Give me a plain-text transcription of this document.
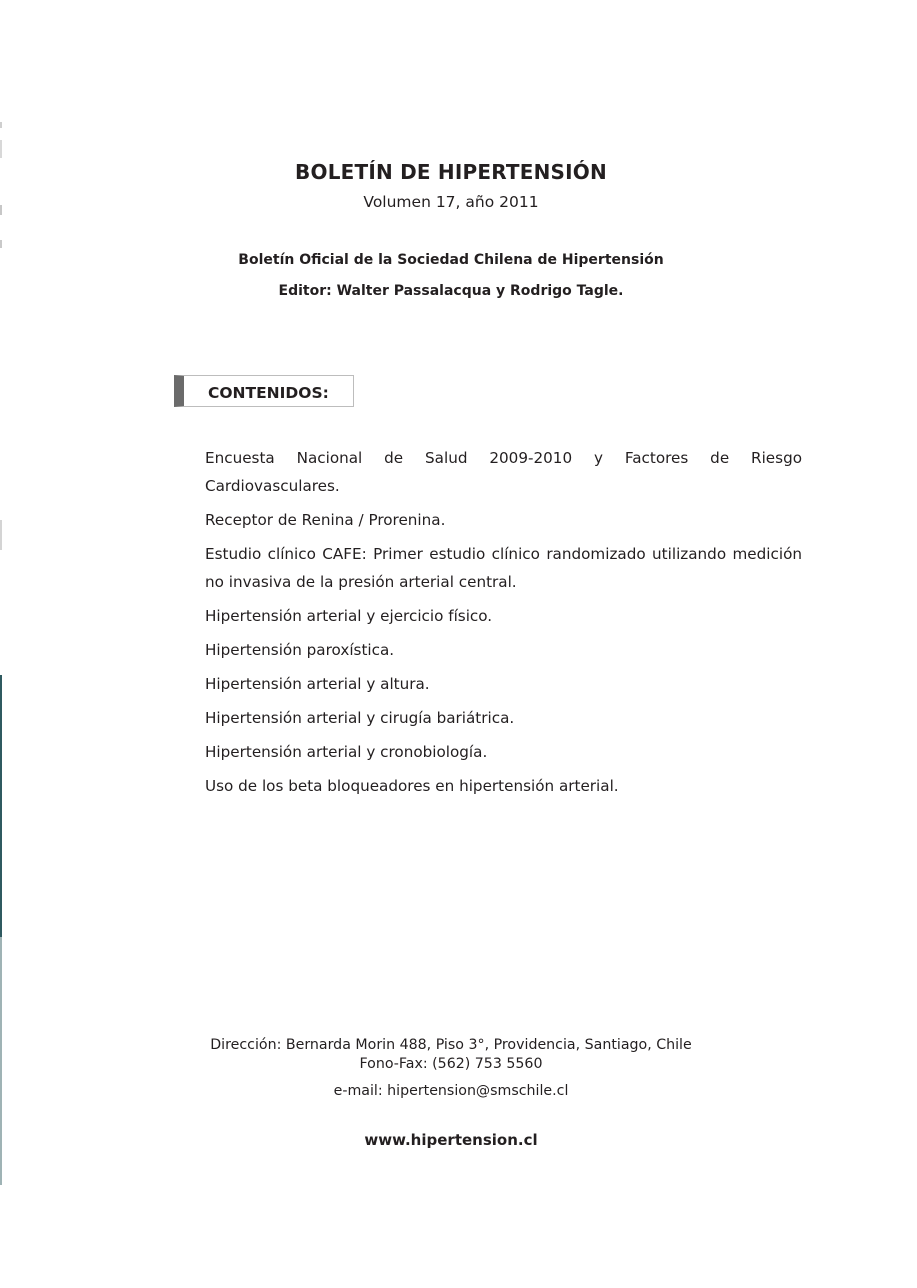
BOLETÍN DE HIPERTENSIÓN

Volumen 17, año 2011

Boletín Oficial de la Sociedad Chilena de Hipertensión

Editor: Walter Passalacqua y Rodrigo Tagle.

CONTENIDOS:
Encuesta Nacional de Salud 2009-2010 y Factores de Riesgo Cardiovasculares.
Receptor de Renina / Prorenina.
Estudio clínico CAFE: Primer estudio clínico randomizado utilizando medición no invasiva de la presión arterial central.
Hipertensión arterial y ejercicio físico.
Hipertensión paroxística.
Hipertensión arterial y altura.
Hipertensión arterial y cirugía bariátrica.
Hipertensión arterial y cronobiología.
Uso de los beta bloqueadores en hipertensión arterial.
Dirección: Bernarda Morin 488, Piso 3°, Providencia, Santiago, Chile
Fono-Fax: (562) 753 5560

e-mail: hipertension@smschile.cl

www.hipertension.cl
